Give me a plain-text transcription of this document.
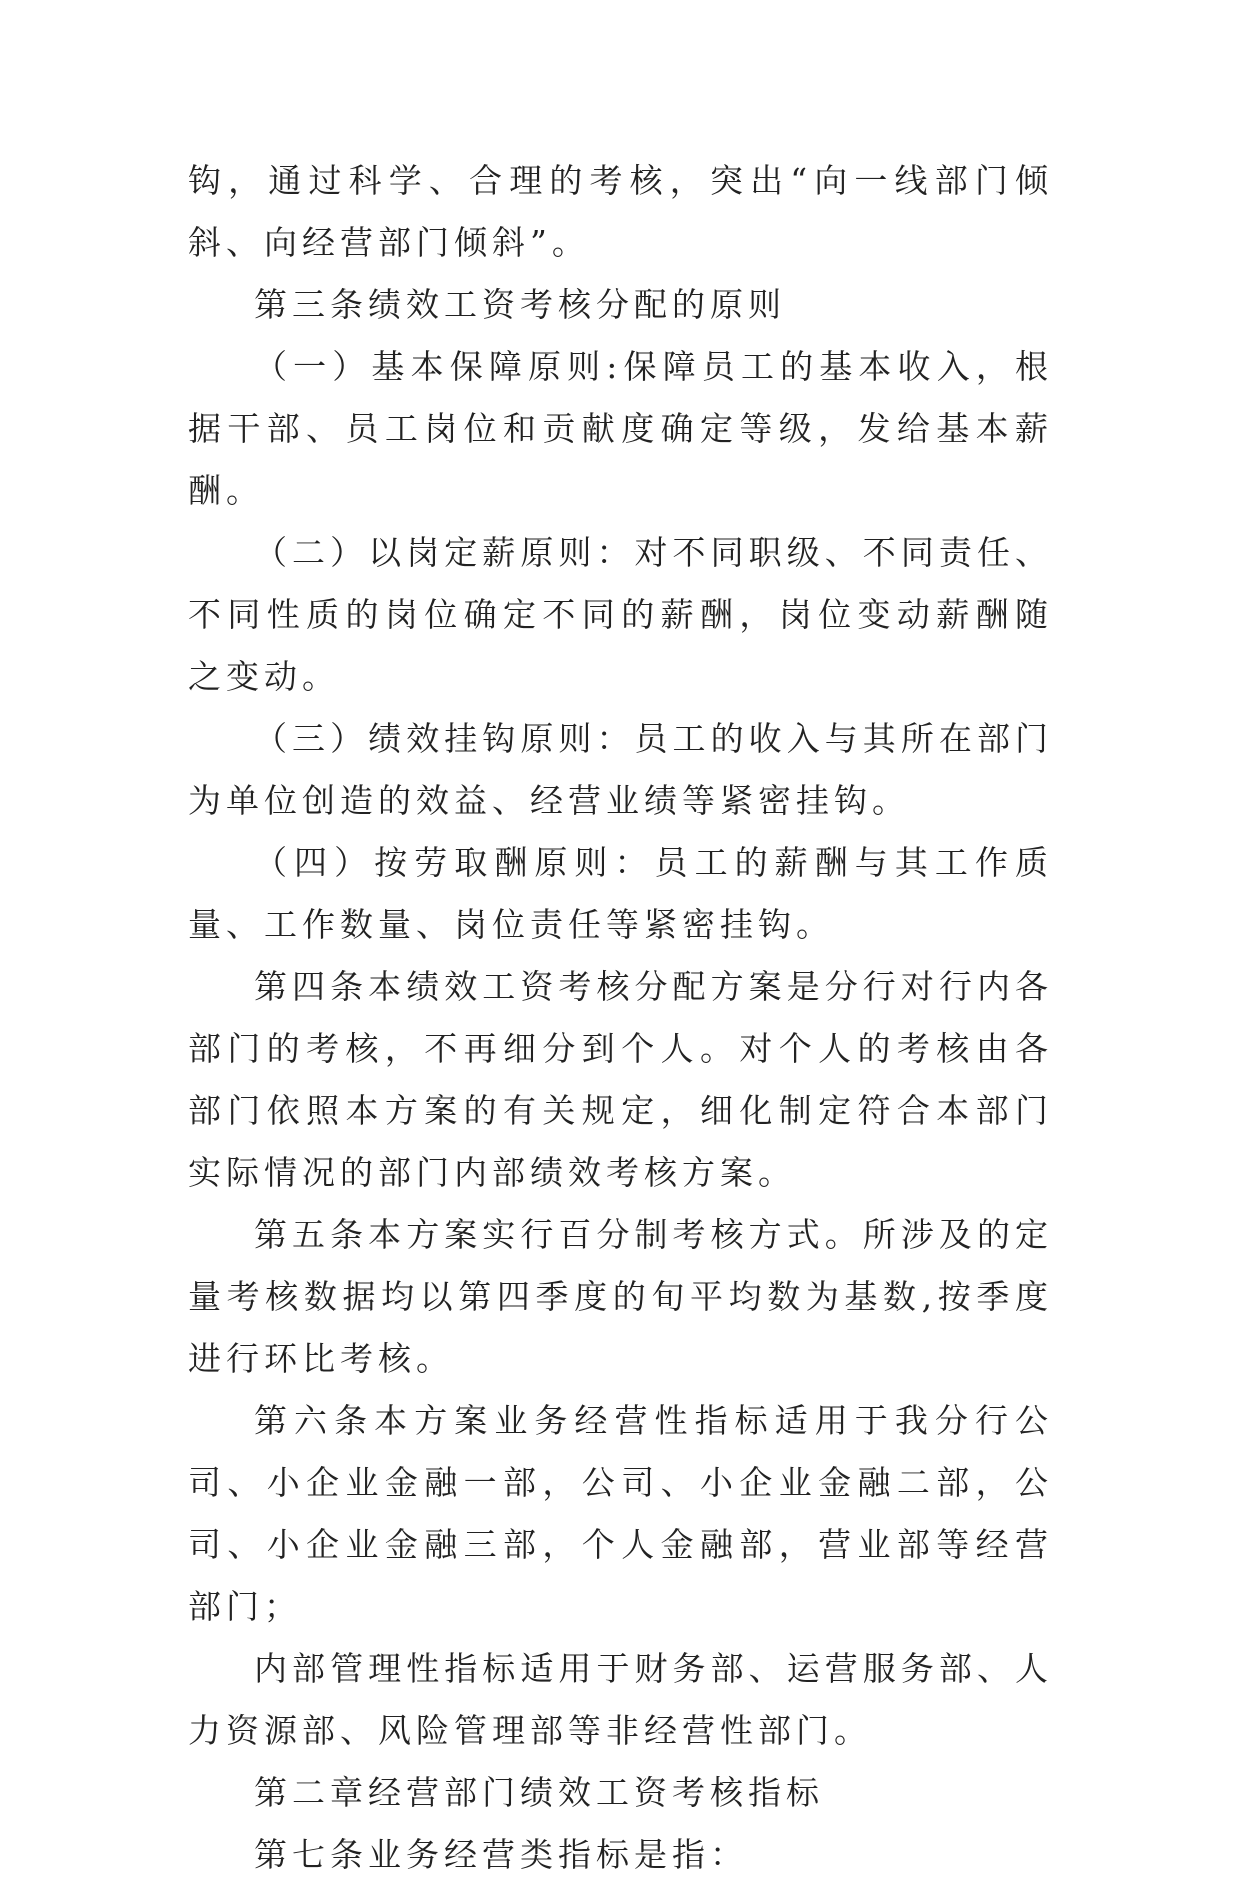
钩，通过科学、合理的考核，突出“向一线部门倾斜、向经营部门倾斜”。

第三条绩效工资考核分配的原则

（一）基本保障原则:保障员工的基本收入，根据干部、员工岗位和贡献度确定等级，发给基本薪酬。

（二）以岗定薪原则：对不同职级、不同责任、不同性质的岗位确定不同的薪酬，岗位变动薪酬随之变动。

（三）绩效挂钩原则：员工的收入与其所在部门为单位创造的效益、经营业绩等紧密挂钩。

（四）按劳取酬原则：员工的薪酬与其工作质量、工作数量、岗位责任等紧密挂钩。

第四条本绩效工资考核分配方案是分行对行内各部门的考核，不再细分到个人。对个人的考核由各部门依照本方案的有关规定，细化制定符合本部门实际情况的部门内部绩效考核方案。

第五条本方案实行百分制考核方式。所涉及的定量考核数据均以第四季度的旬平均数为基数,按季度进行环比考核。

第六条本方案业务经营性指标适用于我分行公司、小企业金融一部，公司、小企业金融二部，公司、小企业金融三部，个人金融部，营业部等经营部门；

内部管理性指标适用于财务部、运营服务部、人力资源部、风险管理部等非经营性部门。

第二章经营部门绩效工资考核指标

第七条业务经营类指标是指：
